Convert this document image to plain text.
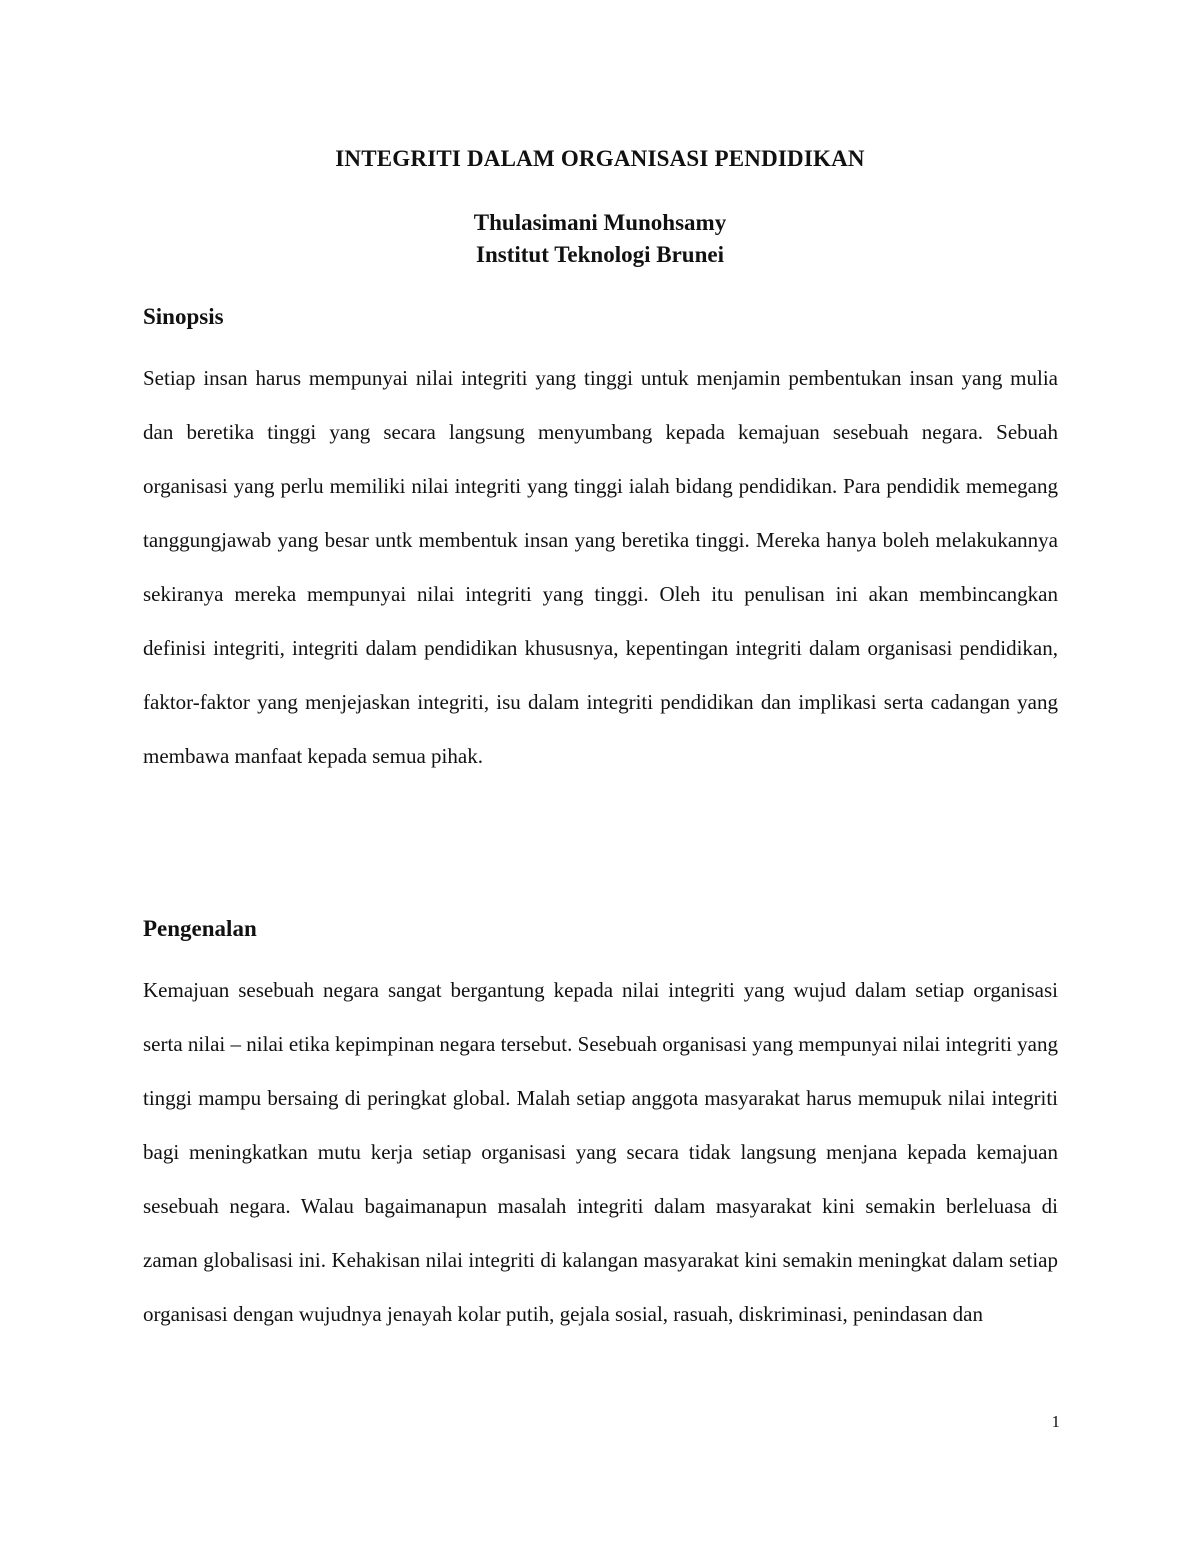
INTEGRITI DALAM ORGANISASI PENDIDIKAN
Thulasimani Munohsamy
Institut Teknologi Brunei
Sinopsis

Setiap insan harus mempunyai nilai integriti yang tinggi untuk menjamin pembentukan insan yang mulia dan beretika tinggi yang secara langsung menyumbang kepada kemajuan sesebuah negara. Sebuah organisasi yang perlu memiliki nilai integriti yang tinggi ialah bidang pendidikan. Para pendidik memegang tanggungjawab yang besar untk membentuk insan yang beretika tinggi. Mereka hanya boleh melakukannya sekiranya mereka mempunyai nilai integriti yang tinggi. Oleh itu penulisan ini akan membincangkan definisi integriti, integriti dalam pendidikan khususnya, kepentingan integriti dalam organisasi pendidikan, faktor-faktor yang menjejaskan integriti, isu dalam integriti pendidikan dan implikasi serta cadangan yang membawa manfaat kepada semua pihak.

Pengenalan

Kemajuan sesebuah negara sangat bergantung kepada nilai integriti yang wujud dalam setiap organisasi serta nilai – nilai etika kepimpinan negara tersebut. Sesebuah organisasi yang mempunyai nilai integriti yang tinggi mampu bersaing di peringkat global. Malah setiap anggota masyarakat harus memupuk nilai integriti bagi meningkatkan mutu kerja setiap organisasi yang secara tidak langsung menjana kepada kemajuan sesebuah negara. Walau bagaimanapun masalah integriti dalam masyarakat kini semakin berleluasa di zaman globalisasi ini. Kehakisan nilai integriti di kalangan masyarakat kini semakin meningkat dalam setiap organisasi dengan wujudnya jenayah kolar putih, gejala sosial, rasuah, diskriminasi, penindasan dan

1
